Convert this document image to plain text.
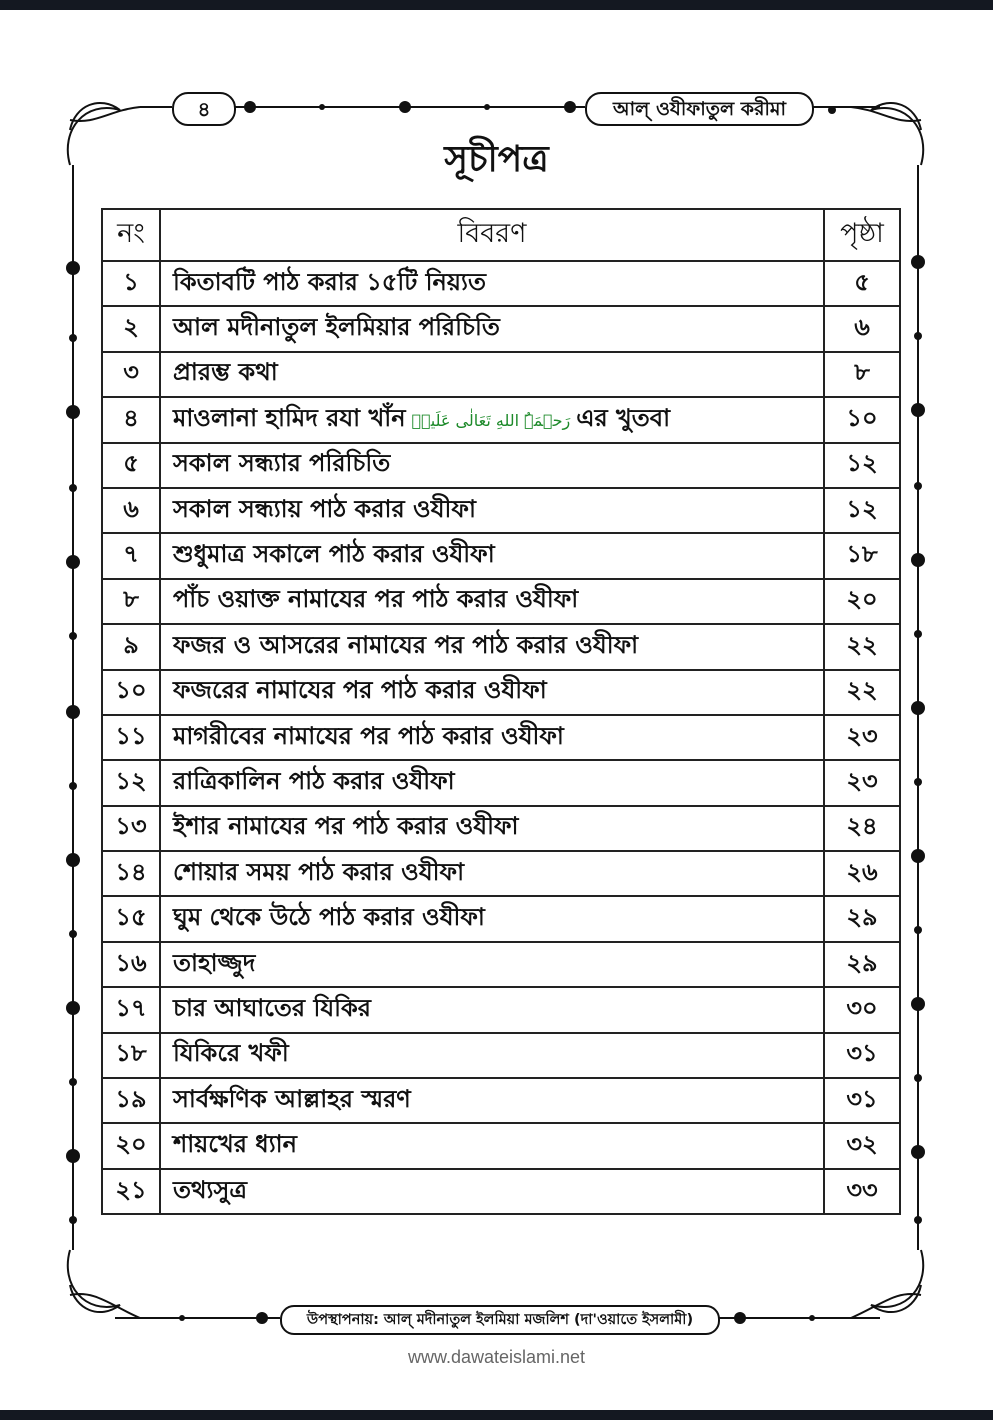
৪	আল্ ওযীফাতুল করীমা
সূচীপত্র
নং	বিবরণ	পৃষ্ঠা
১	কিতাবটি পাঠ করার ১৫টি নিয়্যত	৫
২	আল মদীনাতুল ইলমিয়ার পরিচিতি	৬
৩	প্রারম্ভ কথা	৮
৪	মাওলানা হামিদ রযা খাঁন رَحۡمَۃُ اللهِ تَعَالٰی عَلَیۡہ এর খুতবা	১০
৫	সকাল সন্ধ্যার পরিচিতি	১২
৬	সকাল সন্ধ্যায় পাঠ করার ওযীফা	১২
৭	শুধুমাত্র সকালে পাঠ করার ওযীফা	১৮
৮	পাঁচ ওয়াক্ত নামাযের পর পাঠ করার ওযীফা	২০
৯	ফজর ও আসরের নামাযের পর পাঠ করার ওযীফা	২২
১০	ফজরের নামাযের পর পাঠ করার ওযীফা	২২
১১	মাগরীবের নামাযের পর পাঠ করার ওযীফা	২৩
১২	রাত্রিকালিন পাঠ করার ওযীফা	২৩
১৩	ইশার নামাযের পর পাঠ করার ওযীফা	২৪
১৪	শোয়ার সময় পাঠ করার ওযীফা	২৬
১৫	ঘুম থেকে উঠে পাঠ করার ওযীফা	২৯
১৬	তাহাজ্জুদ	২৯
১৭	চার আঘাতের যিকির	৩০
১৮	যিকিরে খফী	৩১
১৯	সার্বক্ষণিক আল্লাহর স্মরণ	৩১
২০	শায়খের ধ্যান	৩২
২১	তথ্যসুত্র	৩৩
উপস্থাপনায়: আল্ মদীনাতুল ইলমিয়া মজলিশ (দা'ওয়াতে ইসলামী)
www.dawateislami.net
